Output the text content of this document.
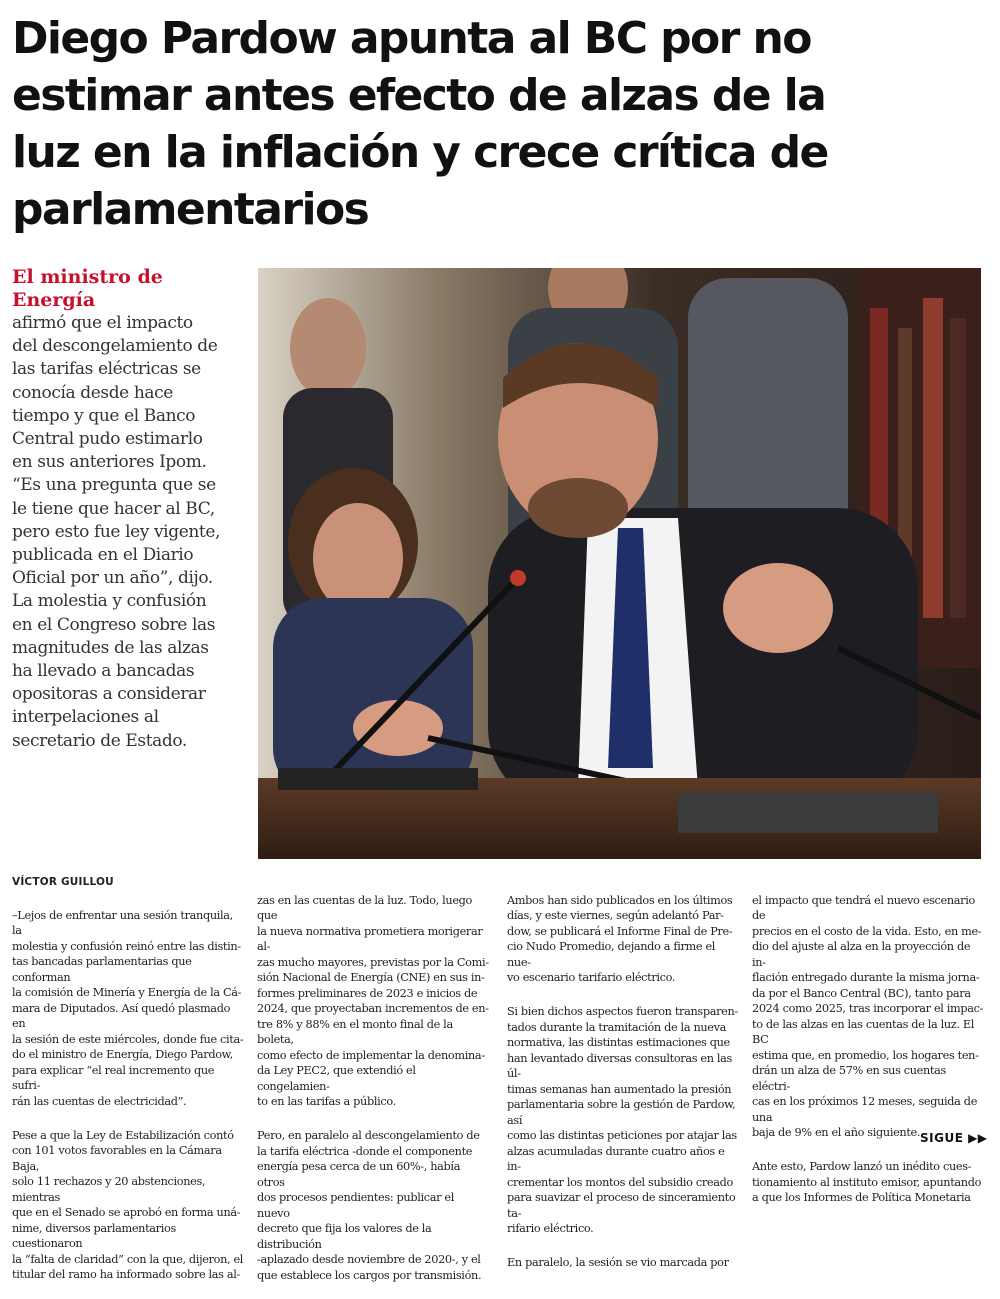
Diego Pardow apunta al BC por no
estimar antes efecto de alzas de la
luz en la inflación y crece crítica de
parlamentarios
El ministro de Energía

afirmó que el impacto
del descongelamiento de
las tarifas eléctricas se
conocía desde hace
tiempo y que el Banco
Central pudo estimarlo
en sus anteriores Ipom.
“Es una pregunta que se
le tiene que hacer al BC,
pero esto fue ley vigente,
publicada en el Diario
Oficial por un año”, dijo.
La molestia y confusión
en el Congreso sobre las
magnitudes de las alzas
ha llevado a bancadas
opositoras a considerar
interpelaciones al
secretario de Estado.

VÍCTOR GUILLOU

–Lejos de enfrentar una sesión tranquila, la
molestia y confusión reinó entre las distin-
tas bancadas parlamentarias que conforman
la comisión de Minería y Energía de la Cá-
mara de Diputados. Así quedó plasmado en
la sesión de este miércoles, donde fue cita-
do el ministro de Energía, Diego Pardow,
para explicar “el real incremento que sufri-
rán las cuentas de electricidad”.

Pese a que la Ley de Estabilización contó
con 101 votos favorables en la Cámara Baja,
solo 11 rechazos y 20 abstenciones, mientras
que en el Senado se aprobó en forma uná-
nime, diversos parlamentarios cuestionaron
la “falta de claridad” con la que, dijeron, el
titular del ramo ha informado sobre las al-

zas en las cuentas de la luz. Todo, luego que
la nueva normativa prometiera morigerar al-
zas mucho mayores, previstas por la Comi-
sión Nacional de Energía (CNE) en sus in-
formes preliminares de 2023 e inicios de
2024, que proyectaban incrementos de en-
tre 8% y 88% en el monto final de la boleta,
como efecto de implementar la denomina-
da Ley PEC2, que extendió el congelamien-
to en las tarifas a público.

Pero, en paralelo al descongelamiento de
la tarifa eléctrica -donde el componente
energía pesa cerca de un 60%-, había otros
dos procesos pendientes: publicar el nuevo
decreto que fija los valores de la distribución
-aplazado desde noviembre de 2020-, y el
que establece los cargos por transmisión.

Ambos han sido publicados en los últimos
días, y este viernes, según adelantó Par-
dow, se publicará el Informe Final de Pre-
cio Nudo Promedio, dejando a firme el nue-
vo escenario tarifario eléctrico.

Si bien dichos aspectos fueron transparen-
tados durante la tramitación de la nueva
normativa, las distintas estimaciones que
han levantado diversas consultoras en las úl-
timas semanas han aumentado la presión
parlamentaria sobre la gestión de Pardow, así
como las distintas peticiones por atajar las
alzas acumuladas durante cuatro años e in-
crementar los montos del subsidio creado
para suavizar el proceso de sinceramiento ta-
rifario eléctrico.

En paralelo, la sesión se vio marcada por

el impacto que tendrá el nuevo escenario de
precios en el costo de la vida. Esto, en me-
dio del ajuste al alza en la proyección de in-
flación entregado durante la misma jorna-
da por el Banco Central (BC), tanto para
2024 como 2025, tras incorporar el impac-
to de las alzas en las cuentas de la luz. El BC
estima que, en promedio, los hogares ten-
drán un alza de 57% en sus cuentas eléctri-
cas en los próximos 12 meses, seguida de una
baja de 9% en el año siguiente.

Ante esto, Pardow lanzó un inédito cues-
tionamiento al instituto emisor, apuntando
a que los Informes de Política Monetaria

SIGUE ▶▶
